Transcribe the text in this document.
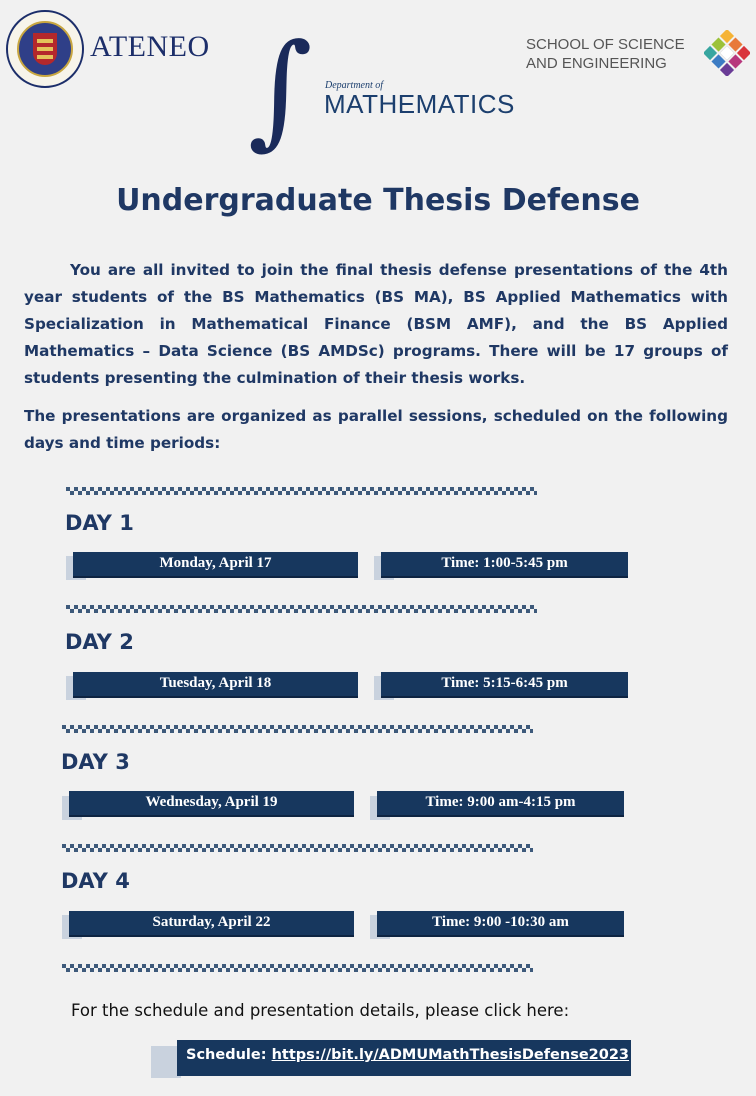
ATENEO ∫ Department of
MATHEMATICS
SCHOOL OF SCIENCE
AND ENGINEERING
Undergraduate Thesis Defense
You are all invited to join the final thesis defense presentations of the 4th year students of the BS Mathematics (BS MA), BS Applied Mathematics with Specialization in Mathematical Finance (BSM AMF), and the BS Applied Mathematics – Data Science (BS AMDSc) programs. There will be 17 groups of students presenting the culmination of their thesis works.
The presentations are organized as parallel sessions, scheduled on the following days and time periods:
DAY 1
Monday, April 17	Time: 1:00-5:45 pm
DAY 2
Tuesday, April 18	Time: 5:15-6:45 pm
DAY 3
Wednesday, April 19	Time: 9:00 am-4:15 pm
DAY 4
Saturday, April 22	Time: 9:00 -10:30 am
For the schedule and presentation details, please click here:
Schedule: https://bit.ly/ADMUMathThesisDefense2023
